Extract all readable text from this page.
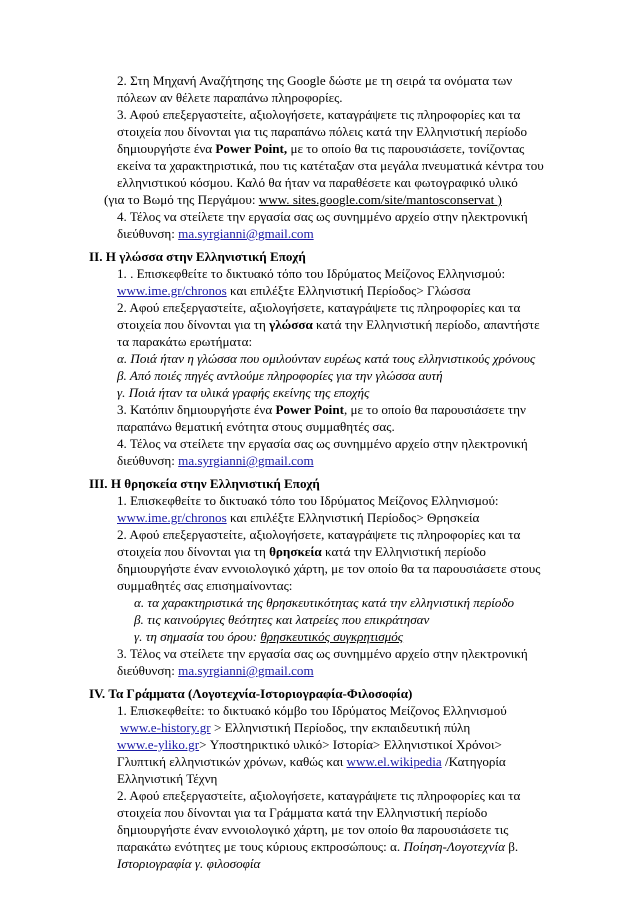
2. Στη Μηχανή Αναζήτησης της Google δώστε με τη σειρά τα ονόματα των
πόλεων αν θέλετε παραπάνω πληροφορίες.
3. Αφού επεξεργαστείτε, αξιολογήσετε, καταγράψετε τις πληροφορίες και τα
στοιχεία που δίνονται για τις παραπάνω πόλεις κατά την Ελληνιστική περίοδο
δημιουργήστε ένα Power Point, με το οποίο θα τις παρουσιάσετε, τονίζοντας
εκείνα τα χαρακτηριστικά, που τις κατέταξαν στα μεγάλα πνευματικά κέντρα του
ελληνιστικού κόσμου. Καλό θα ήταν να παραθέσετε και φωτογραφικό υλικό
(για το Βωμό της Περγάμου: www. sites.google.com/site/mantosconservat )
4. Τέλος να στείλετε την εργασία σας ως συνημμένο αρχείο στην ηλεκτρονική
διεύθυνση: ma.syrgianni@gmail.com
ΙΙ. Η γλώσσα στην Ελληνιστική Εποχή
1. . Επισκεφθείτε το δικτυακό τόπο του Ιδρύματος Μείζονος Ελληνισμού:
www.ime.gr/chronos και επιλέξτε Ελληνιστική Περίοδος> Γλώσσα
2. Αφού επεξεργαστείτε, αξιολογήσετε, καταγράψετε τις πληροφορίες και τα
στοιχεία που δίνονται για τη γλώσσα κατά την Ελληνιστική περίοδο, απαντήστε
τα παρακάτω ερωτήματα:
α. Ποιά ήταν η γλώσσα που ομιλούνταν ευρέως κατά τους ελληνιστικούς χρόνους
β. Από ποιές πηγές αντλούμε πληροφορίες για την γλώσσα αυτή
γ. Ποιά ήταν τα υλικά γραφής εκείνης της εποχής
3. Κατόπιν δημιουργήστε ένα Power Point, με το οποίο θα παρουσιάσετε την
παραπάνω θεματική ενότητα στους συμμαθητές σας.
4. Τέλος να στείλετε την εργασία σας ως συνημμένο αρχείο στην ηλεκτρονική
διεύθυνση: ma.syrgianni@gmail.com
ΙΙΙ. Η θρησκεία στην Ελληνιστική Εποχή
1. Επισκεφθείτε το δικτυακό τόπο του Ιδρύματος Μείζονος Ελληνισμού:
www.ime.gr/chronos και επιλέξτε Ελληνιστική Περίοδος> Θρησκεία
2. Αφού επεξεργαστείτε, αξιολογήσετε, καταγράψετε τις πληροφορίες και τα
στοιχεία που δίνονται για τη θρησκεία κατά την Ελληνιστική περίοδο
δημιουργήστε έναν εννοιολογικό χάρτη, με τον οποίο θα τα παρουσιάσετε στους
συμμαθητές σας επισημαίνοντας:
α. τα χαρακτηριστικά της θρησκευτικότητας κατά την ελληνιστική περίοδο
β. τις καινούργιες θεότητες και λατρείες που επικράτησαν
γ. τη σημασία του όρου: θρησκευτικός συγκρητισμός
3. Τέλος να στείλετε την εργασία σας ως συνημμένο αρχείο στην ηλεκτρονική
διεύθυνση: ma.syrgianni@gmail.com
ΙV. Τα Γράμματα (Λογοτεχνία-Ιστοριογραφία-Φιλοσοφία)
1. Επισκεφθείτε: το δικτυακό κόμβο του Ιδρύματος Μείζονος Ελληνισμού
www.e-history.gr > Ελληνιστική Περίοδος, την εκπαιδευτική πύλη
www.e-yliko.gr> Υποστηρικτικό υλικό> Ιστορία> Ελληνιστικοί Χρόνοι>
Γλυπτική ελληνιστικών χρόνων, καθώς και www.el.wikipedia /Κατηγορία
Ελληνιστική Τέχνη
2. Αφού επεξεργαστείτε, αξιολογήσετε, καταγράψετε τις πληροφορίες και τα
στοιχεία που δίνονται για τα Γράμματα κατά την Ελληνιστική περίοδο
δημιουργήστε έναν εννοιολογικό χάρτη, με τον οποίο θα παρουσιάσετε τις
παρακάτω ενότητες με τους κύριους εκπροσώπους: α. Ποίηση-Λογοτεχνία β.
Ιστοριογραφία γ. φιλοσοφία
